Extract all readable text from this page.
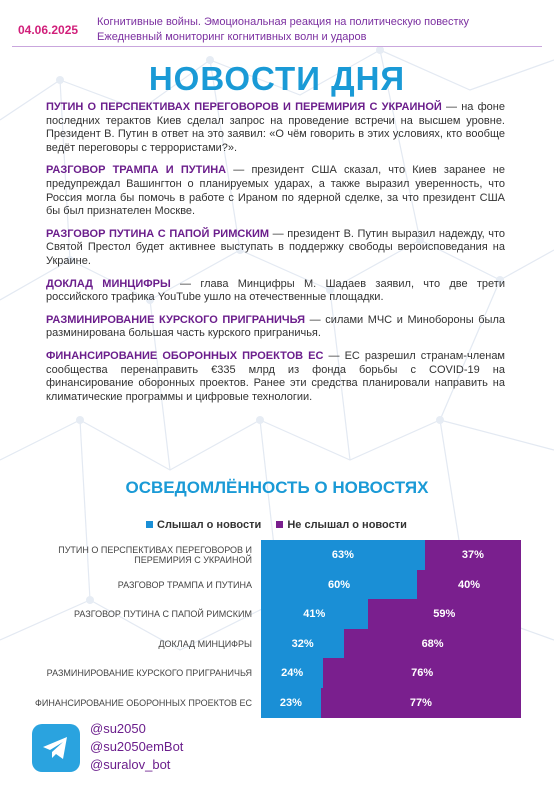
04.06.2025
Когнитивные войны. Эмоциональная реакция на политическую повестку
Ежедневный мониторинг когнитивных волн и ударов
НОВОСТИ ДНЯ
ПУТИН О ПЕРСПЕКТИВАХ ПЕРЕГОВОРОВ И ПЕРЕМИРИЯ С УКРАИНОЙ — на фоне последних терактов Киев сделал запрос на проведение встречи на высшем уровне. Президент В. Путин в ответ на это заявил: «О чём говорить в этих условиях, кто вообще ведёт переговоры с террористами?».
РАЗГОВОР ТРАМПА И ПУТИНА — президент США сказал, что Киев заранее не предупреждал Вашингтон о планируемых ударах, а также выразил уверенность, что Россия могла бы помочь в работе с Ираном по ядерной сделке, за что президент США бы был признателен Москве.
РАЗГОВОР ПУТИНА С ПАПОЙ РИМСКИМ — президент В. Путин выразил надежду, что Святой Престол будет активнее выступать в поддержку свободы вероисповедания на Украине.
ДОКЛАД МИНЦИФРЫ — глава Минцифры М. Шадаев заявил, что две трети российского трафика YouTube ушло на отечественные площадки.
РАЗМИНИРОВАНИЕ КУРСКОГО ПРИГРАНИЧЬЯ — силами МЧС и Минобороны была разминирована большая часть курского приграничья.
ФИНАНСИРОВАНИЕ ОБОРОННЫХ ПРОЕКТОВ ЕС — ЕС разрешил странам-членам сообщества перенаправить €335 млрд из фонда борьбы с COVID-19 на финансирование оборонных проектов. Ранее эти средства планировали направить на климатические программы и цифровые технологии.
ОСВЕДОМЛЁННОСТЬ О НОВОСТЯХ
Слышал о новости Не слышал о новости
ПУТИН О ПЕРСПЕКТИВАХ ПЕРЕГОВОРОВ И ПЕРЕМИРИЯ С УКРАИНОЙ	63%	37%
РАЗГОВОР ТРАМПА И ПУТИНА	60%	40%
РАЗГОВОР ПУТИНА С ПАПОЙ РИМСКИМ	41%	59%
ДОКЛАД МИНЦИФРЫ	32%	68%
РАЗМИНИРОВАНИЕ КУРСКОГО ПРИГРАНИЧЬЯ	24%	76%
ФИНАНСИРОВАНИЕ ОБОРОННЫХ ПРОЕКТОВ ЕС	23%	77%
@su2050
@su2050emBot
@suralov_bot
